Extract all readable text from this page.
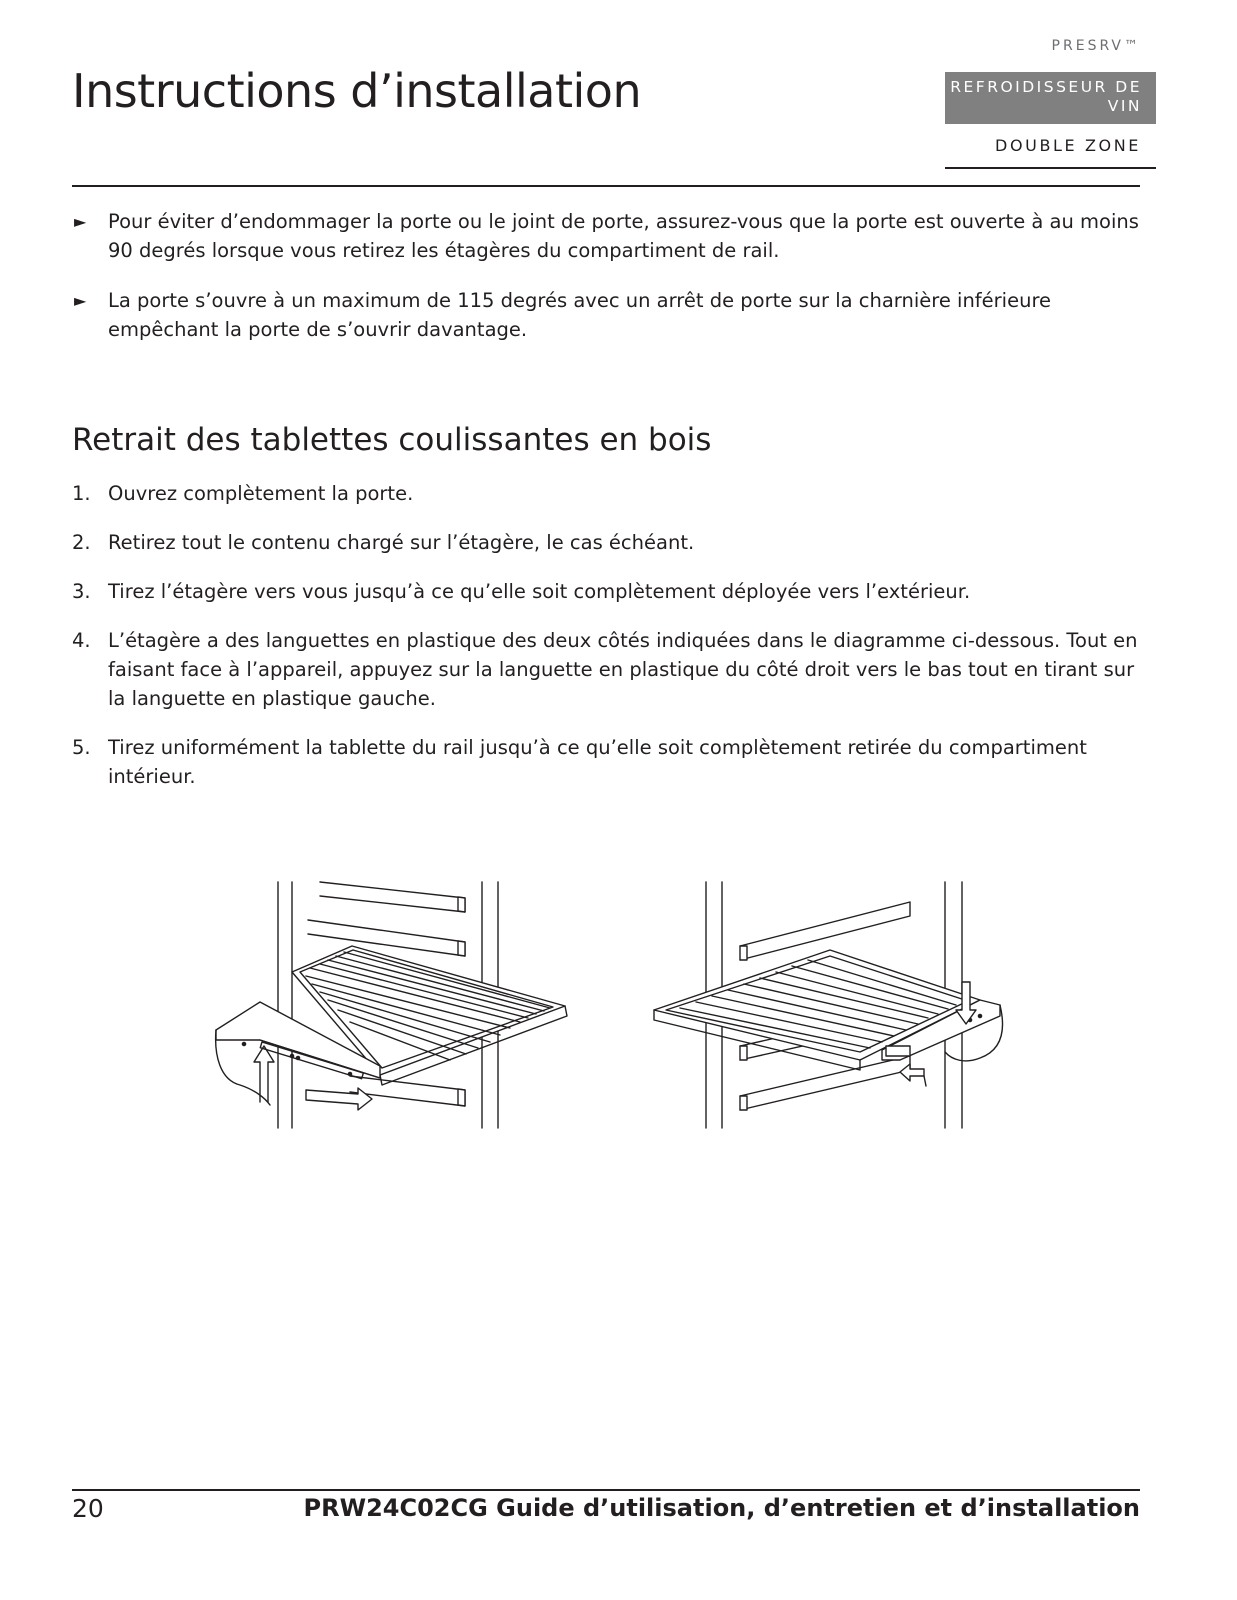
Instructions d’installation
PRESRV™
REFROIDISSEUR DE VIN
DOUBLE ZONE
► Pour éviter d’endommager la porte ou le joint de porte, assurez-vous que la porte est ouverte à au moins 90 degrés lorsque vous retirez les étagères du compartiment de rail.
► La porte s’ouvre à un maximum de 115 degrés avec un arrêt de porte sur la charnière inférieure empêchant la porte de s’ouvrir davantage.
Retrait des tablettes coulissantes en bois
1. Ouvrez complètement la porte.
2. Retirez tout le contenu chargé sur l’étagère, le cas échéant.
3. Tirez l’étagère vers vous jusqu’à ce qu’elle soit complètement déployée vers l’extérieur.
4. L’étagère a des languettes en plastique des deux côtés indiquées dans le diagramme ci-dessous. Tout en faisant face à l’appareil, appuyez sur la languette en plastique du côté droit vers le bas tout en tirant sur la languette en plastique gauche.
5. Tirez uniformément la tablette du rail jusqu’à ce qu’elle soit complètement retirée du compartiment intérieur.
20	PRW24C02CG Guide d’utilisation, d’entretien et d’installation
